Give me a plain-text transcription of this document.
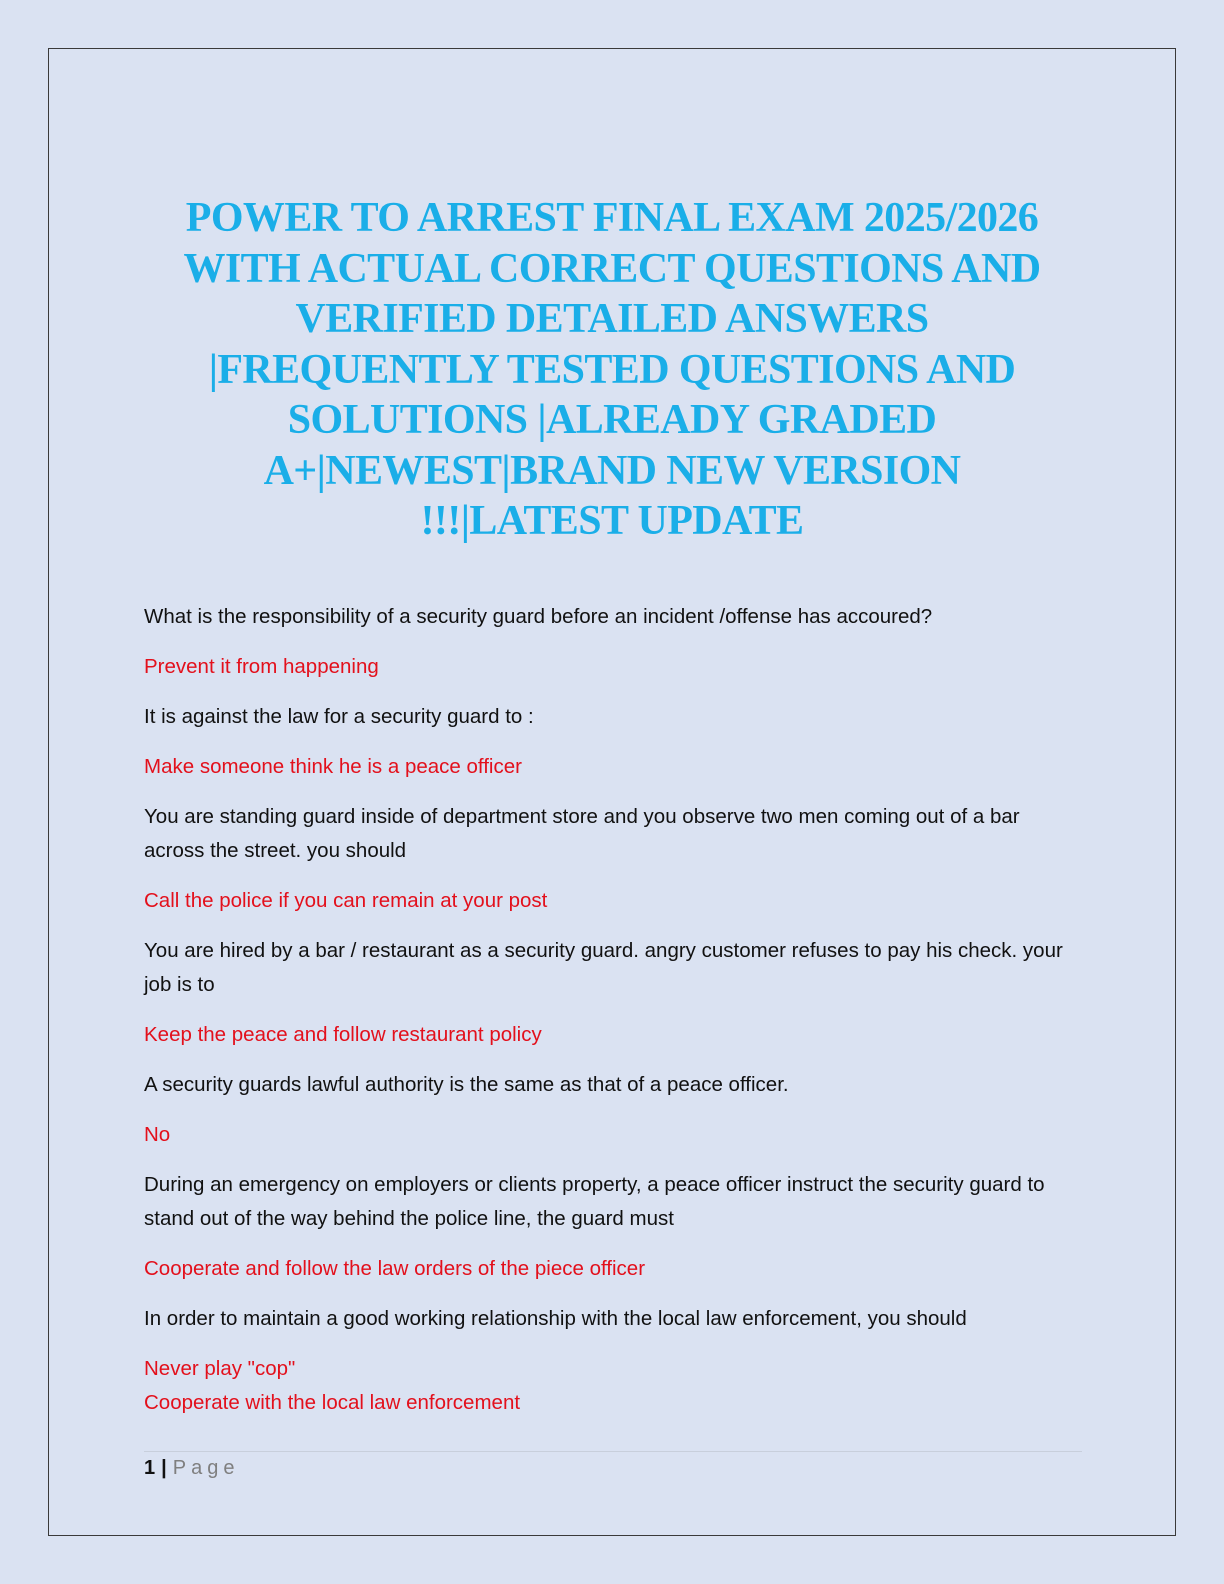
POWER TO ARREST FINAL EXAM 2025/2026
WITH ACTUAL CORRECT QUESTIONS AND
VERIFIED DETAILED ANSWERS
|FREQUENTLY TESTED QUESTIONS AND
SOLUTIONS |ALREADY GRADED
A+|NEWEST|BRAND NEW VERSION
!!!|LATEST UPDATE

What is the responsibility of a security guard before an incident /offense has accoured?

Prevent it from happening

It is against the law for a security guard to :

Make someone think he is a peace officer

You are standing guard inside of department store and you observe two men coming out of a bar across the street. you should

Call the police if you can remain at your post

You are hired by a bar / restaurant as a security guard. angry customer refuses to pay his check. your job is to

Keep the peace and follow restaurant policy

A security guards lawful authority is the same as that of a peace officer.

No

During an emergency on employers or clients property, a peace officer instruct the security guard to stand out of the way behind the police line, the guard must

Cooperate and follow the law orders of the piece officer

In order to maintain a good working relationship with the local law enforcement, you should

Never play "cop"
Cooperate with the local law enforcement

1 | Page
